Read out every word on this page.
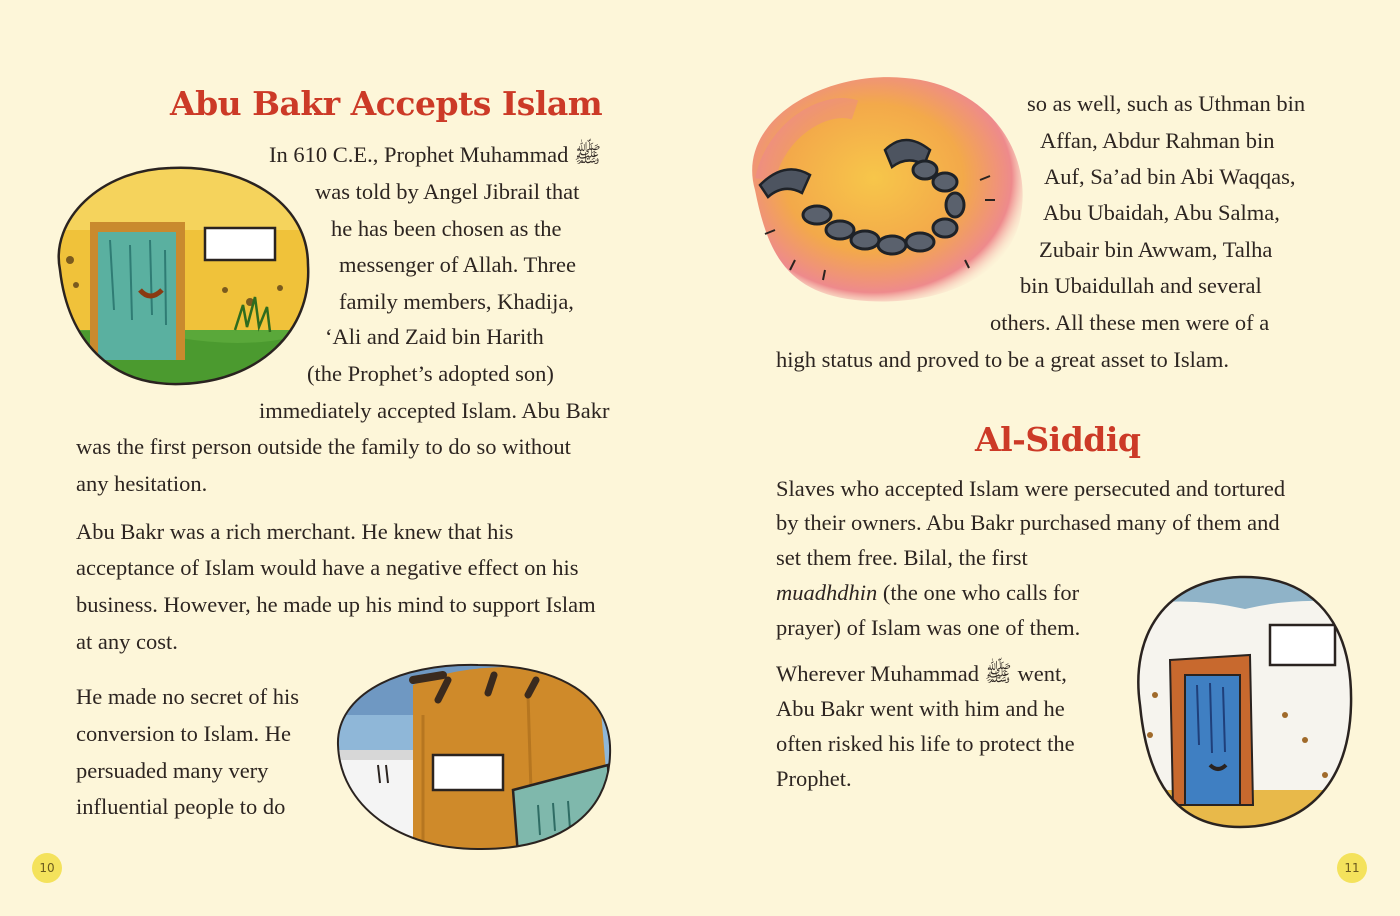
Abu Bakr Accepts Islam

In 610 C.E., Prophet Muhammad ﷺ

was told by Angel Jibrail that

he has been chosen as the

messenger of Allah. Three

family members, Khadija,

‘Ali and Zaid bin Harith

(the Prophet’s adopted son)

immediately accepted Islam. Abu Bakr

was the first person outside the family to do so without

any hesitation.

Abu Bakr was a rich merchant. He knew that his

acceptance of Islam would have a negative effect on his

business. However, he made up his mind to support Islam

at any cost.

He made no secret of his

conversion to Islam. He

persuaded many very

influential people to do

10

so as well, such as Uthman bin

Affan, Abdur Rahman bin

Auf, Sa’ad bin Abi Waqqas,

Abu Ubaidah, Abu Salma,

Zubair bin Awwam, Talha

bin Ubaidullah and several

others. All these men were of a

high status and proved to be a great asset to Islam.

Al-Siddiq

Slaves who accepted Islam were persecuted and tortured

by their owners. Abu Bakr purchased many of them and

set them free. Bilal, the first

muadhdhin (the one who calls for

prayer) of Islam was one of them.

Wherever Muhammad ﷺ went,

Abu Bakr went with him and he

often risked his life to protect the

Prophet.

11
